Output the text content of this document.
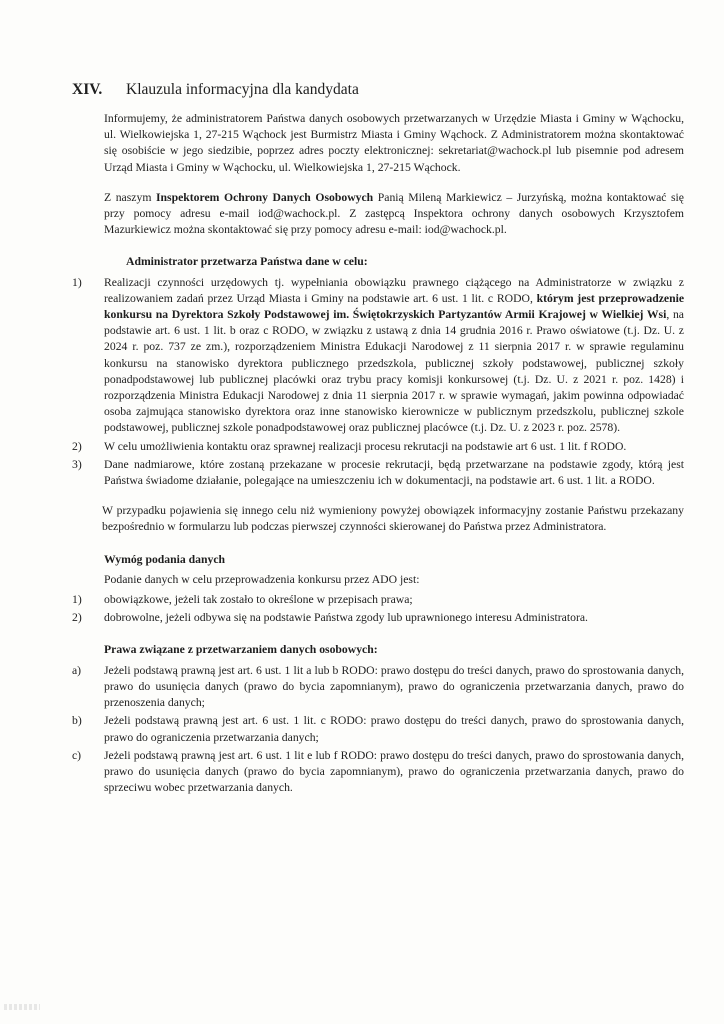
XIV. Klauzula informacyjna dla kandydata

Informujemy, że administratorem Państwa danych osobowych przetwarzanych w Urzędzie Miasta i Gminy w Wąchocku, ul. Wielkowiejska 1, 27-215 Wąchock jest Burmistrz Miasta i Gminy Wąchock. Z Administratorem można skontaktować się osobiście w jego siedzibie, poprzez adres poczty elektronicznej: sekretariat@wachock.pl lub pisemnie pod adresem Urząd Miasta i Gminy w Wąchocku, ul. Wielkowiejska 1, 27-215 Wąchock.

Z naszym Inspektorem Ochrony Danych Osobowych Panią Mileną Markiewicz – Jurzyńską, można kontaktować się przy pomocy adresu e-mail iod@wachock.pl. Z zastępcą Inspektora ochrony danych osobowych Krzysztofem Mazurkiewicz można skontaktować się przy pomocy adresu e-mail: iod@wachock.pl.

Administrator przetwarza Państwa dane w celu:

1)	Realizacji czynności urzędowych tj. wypełniania obowiązku prawnego ciążącego na Administratorze w związku z realizowaniem zadań przez Urząd Miasta i Gminy na podstawie art. 6 ust. 1 lit. c RODO, którym jest przeprowadzenie konkursu na Dyrektora Szkoły Podstawowej im. Świętokrzyskich Partyzantów Armii Krajowej w Wielkiej Wsi, na podstawie art. 6 ust. 1 lit. b oraz c RODO, w związku z ustawą z dnia 14 grudnia 2016 r. Prawo oświatowe (t.j. Dz. U. z 2024 r. poz. 737 ze zm.), rozporządzeniem Ministra Edukacji Narodowej z 11 sierpnia 2017 r. w sprawie regulaminu konkursu na stanowisko dyrektora publicznego przedszkola, publicznej szkoły podstawowej, publicznej szkoły ponadpodstawowej lub publicznej placówki oraz trybu pracy komisji konkursowej (t.j. Dz. U. z 2021 r. poz. 1428) i rozporządzenia Ministra Edukacji Narodowej z dnia 11 sierpnia 2017 r. w sprawie wymagań, jakim powinna odpowiadać osoba zajmująca stanowisko dyrektora oraz inne stanowisko kierownicze w publicznym przedszkolu, publicznej szkole podstawowej, publicznej szkole ponadpodstawowej oraz publicznej placówce (t.j. Dz. U. z 2023 r. poz. 2578).
2)	W celu umożliwienia kontaktu oraz sprawnej realizacji procesu rekrutacji na podstawie art 6 ust. 1 lit. f RODO.
3)	Dane nadmiarowe, które zostaną przekazane w procesie rekrutacji, będą przetwarzane na podstawie zgody, którą jest Państwa świadome działanie, polegające na umieszczeniu ich w dokumentacji, na podstawie art. 6 ust. 1 lit. a RODO.

W przypadku pojawienia się innego celu niż wymieniony powyżej obowiązek informacyjny zostanie Państwu przekazany bezpośrednio w formularzu lub podczas pierwszej czynności skierowanej do Państwa przez Administratora.

Wymóg podania danych

Podanie danych w celu przeprowadzenia konkursu przez ADO jest:

1)	obowiązkowe, jeżeli tak zostało to określone w przepisach prawa;
2)	dobrowolne, jeżeli odbywa się na podstawie Państwa zgody lub uprawnionego interesu Administratora.

Prawa związane z przetwarzaniem danych osobowych:

a)	Jeżeli podstawą prawną jest art. 6 ust. 1 lit a lub b RODO: prawo dostępu do treści danych, prawo do sprostowania danych, prawo do usunięcia danych (prawo do bycia zapomnianym), prawo do ograniczenia przetwarzania danych, prawo do przenoszenia danych;
b)	Jeżeli podstawą prawną jest art. 6 ust. 1 lit. c RODO: prawo dostępu do treści danych, prawo do sprostowania danych, prawo do ograniczenia przetwarzania danych;
c)	Jeżeli podstawą prawną jest art. 6 ust. 1 lit e lub f RODO: prawo dostępu do treści danych, prawo do sprostowania danych, prawo do usunięcia danych (prawo do bycia zapomnianym), prawo do ograniczenia przetwarzania danych, prawo do sprzeciwu wobec przetwarzania danych.
